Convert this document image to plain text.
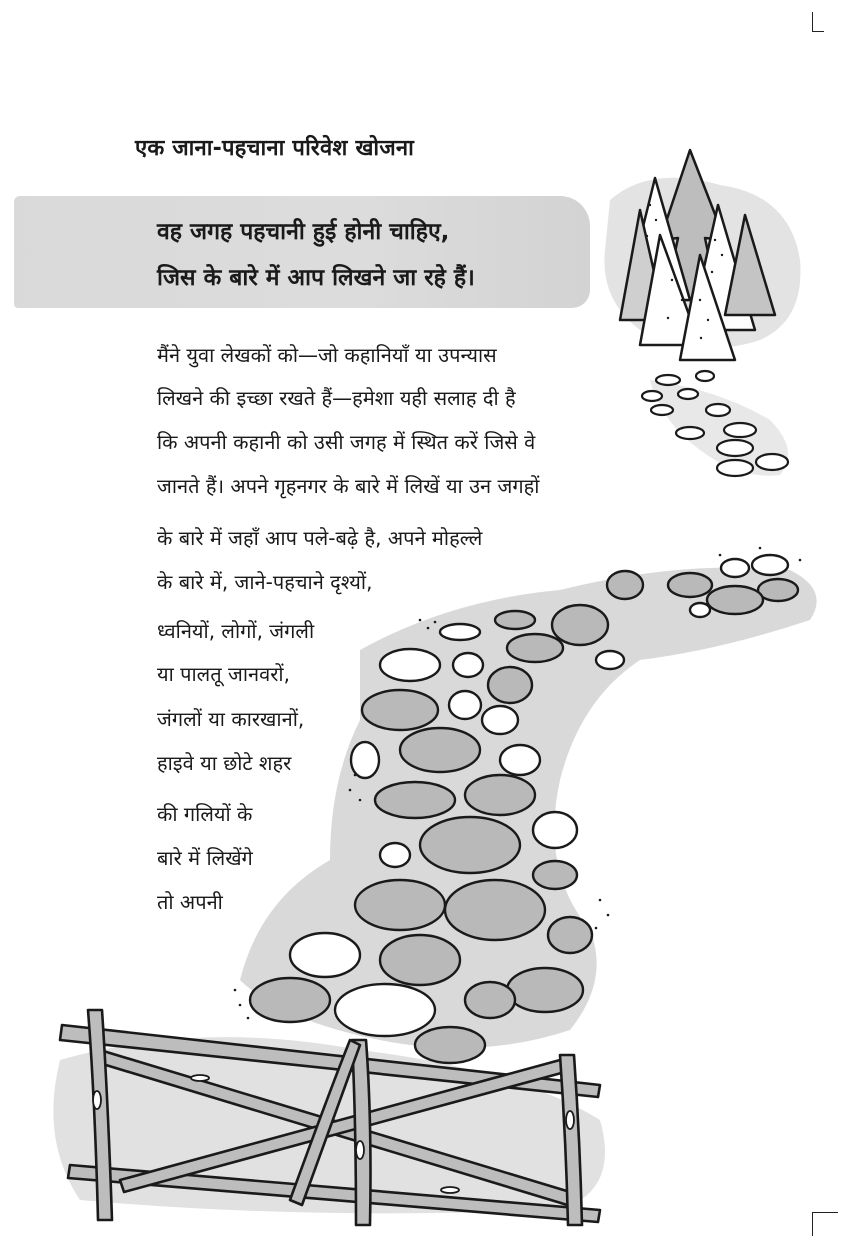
एक जाना-पहचाना परिवेश खोजना
वह जगह पहचानी हुई होनी चाहिए,
जिस के बारे में आप लिखने जा रहे हैं।
मैंने युवा लेखकों को—जो कहानियाँ या उपन्यास
लिखने की इच्छा रखते हैं—हमेशा यही सलाह दी है
कि अपनी कहानी को उसी जगह में स्थित करें जिसे वे
जानते हैं। अपने गृहनगर के बारे में लिखें या उन जगहों
के बारे में जहाँ आप पले-बढ़े है, अपने मोहल्ले
के बारे में, जाने-पहचाने दृश्यों,
ध्वनियों, लोगों, जंगली
या पालतू जानवरों,
जंगलों या कारखानों,
हाइवे या छोटे शहर
की गलियों के
बारे में लिखेंगे
तो अपनी
